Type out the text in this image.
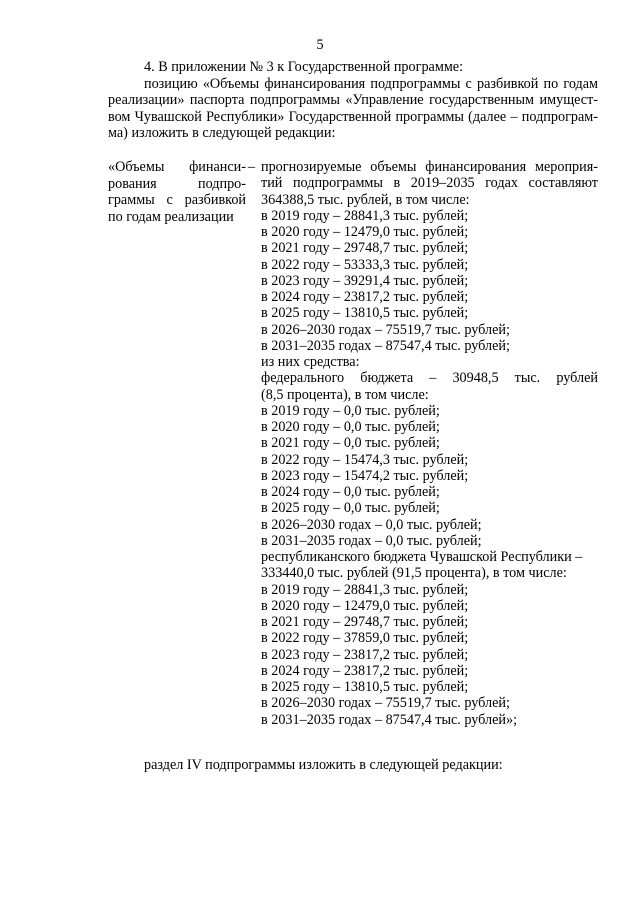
5

4. В приложении № 3 к Государственной программе:

позицию «Объемы финансирования подпрограммы с разбивкой по годам реализации» паспорта подпрограммы «Управление государственным имущест- вом Чувашской Республики» Государственной программы (далее – подпрограм- ма) изложить в следующей редакции:

«Объемы финанси- рования подпро- граммы с разбивкой по годам реализации
– прогнозируемые объемы финансирования мероприя-
тий подпрограммы в 2019–2035 годах составляют
364388,5 тыс. рублей, в том числе:
в 2019 году – 28841,3 тыс. рублей;
в 2020 году – 12479,0 тыс. рублей;
в 2021 году – 29748,7 тыс. рублей;
в 2022 году – 53333,3 тыс. рублей;
в 2023 году – 39291,4 тыс. рублей;
в 2024 году – 23817,2 тыс. рублей;
в 2025 году – 13810,5 тыс. рублей;
в 2026–2030 годах – 75519,7 тыс. рублей;
в 2031–2035 годах – 87547,4 тыс. рублей;
из них средства:
федерального бюджета – 30948,5 тыс. рублей
(8,5 процента), в том числе:
в 2019 году – 0,0 тыс. рублей;
в 2020 году – 0,0 тыс. рублей;
в 2021 году – 0,0 тыс. рублей;
в 2022 году – 15474,3 тыс. рублей;
в 2023 году – 15474,2 тыс. рублей;
в 2024 году – 0,0 тыс. рублей;
в 2025 году – 0,0 тыс. рублей;
в 2026–2030 годах – 0,0 тыс. рублей;
в 2031–2035 годах – 0,0 тыс. рублей;
республиканского бюджета Чувашской Республики –
333440,0 тыс. рублей (91,5 процента), в том числе:
в 2019 году – 28841,3 тыс. рублей;
в 2020 году – 12479,0 тыс. рублей;
в 2021 году – 29748,7 тыс. рублей;
в 2022 году – 37859,0 тыс. рублей;
в 2023 году – 23817,2 тыс. рублей;
в 2024 году – 23817,2 тыс. рублей;
в 2025 году – 13810,5 тыс. рублей;
в 2026–2030 годах – 75519,7 тыс. рублей;
в 2031–2035 годах – 87547,4 тыс. рублей»;
раздел IV подпрограммы изложить в следующей редакции:
